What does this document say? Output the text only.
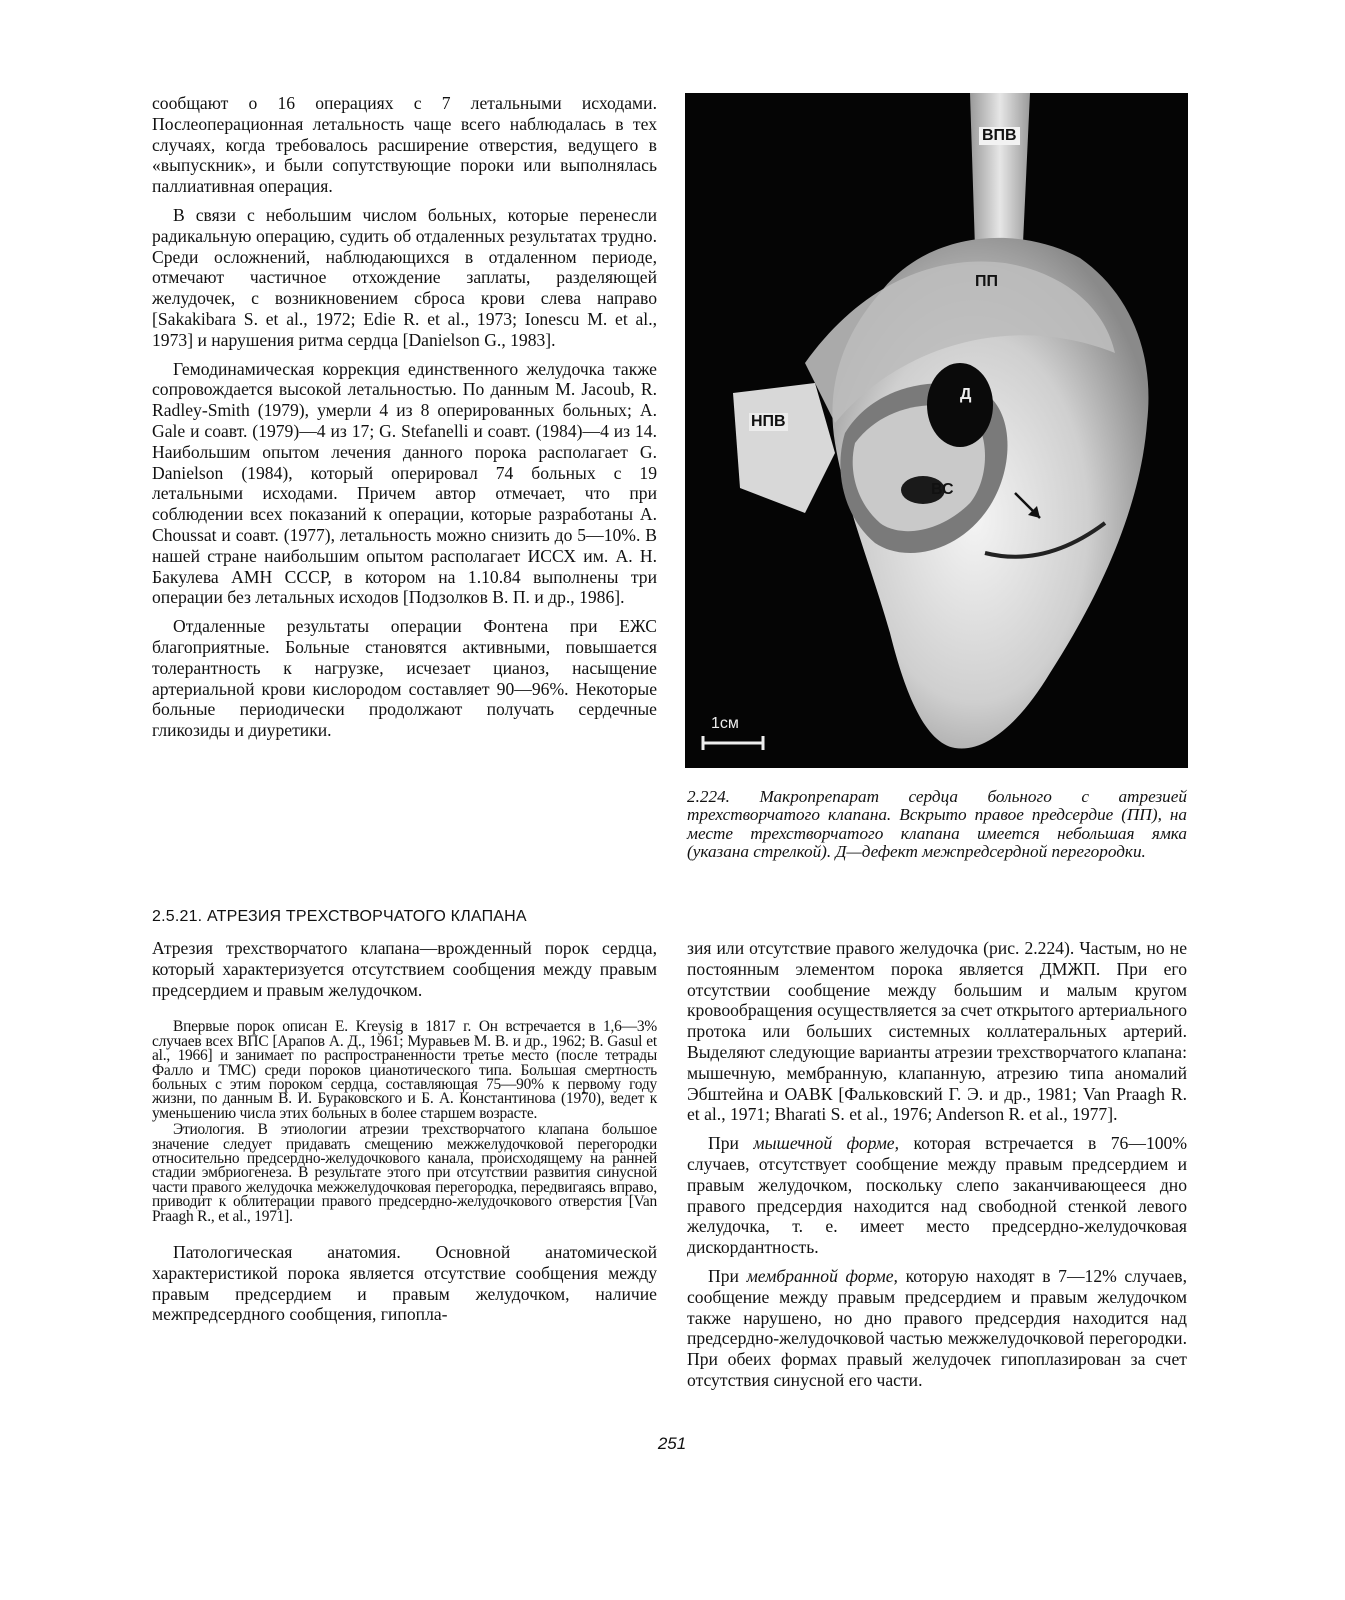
сообщают о 16 операциях с 7 летальными исходами. Послеоперационная летальность чаще всего наблюдалась в тех случаях, когда требовалось расширение отверстия, ведущего в «выпускник», и были сопутствующие пороки или выполнялась паллиативная операция.

В связи с небольшим числом больных, которые перенесли радикальную операцию, судить об отдаленных результатах трудно. Среди осложнений, наблюдающихся в отдаленном периоде, отмечают частичное отхождение заплаты, разделяющей желудочек, с возникновением сброса крови слева направо [Sakakibara S. et al., 1972; Edie R. et al., 1973; Ionescu M. et al., 1973] и нарушения ритма сердца [Danielson G., 1983].

Гемодинамическая коррекция единственного желудочка также сопровождается высокой летальностью. По данным M. Jacoub, R. Radley-Smith (1979), умерли 4 из 8 оперированных больных; A. Gale и соавт. (1979)—4 из 17; G. Stefanelli и соавт. (1984)—4 из 14. Наибольшим опытом лечения данного порока располагает G. Danielson (1984), который оперировал 74 больных с 19 летальными исходами. Причем автор отмечает, что при соблюдении всех показаний к операции, которые разработаны A. Choussat и соавт. (1977), летальность можно снизить до 5—10%. В нашей стране наибольшим опытом располагает ИССХ им. А. Н. Бакулева АМН СССР, в котором на 1.10.84 выполнены три операции без летальных исходов [Подзолков В. П. и др., 1986].

Отдаленные результаты операции Фонтена при ЕЖС благоприятные. Больные становятся активными, повышается толерантность к нагрузке, исчезает цианоз, насыщение артериальной крови кислородом составляет 90—96%. Некоторые больные периодически продолжают получать сердечные гликозиды и диуретики.

ВПВ
ПП
НПВ
Д
ВС
1см

2.224. Макропрепарат сердца больного с атрезией трехстворчатого клапана. Вскрыто правое предсердие (ПП), на месте трехстворчатого клапана имеется небольшая ямка (указана стрелкой). Д—дефект межпредсердной перегородки.

2.5.21. АТРЕЗИЯ ТРЕХСТВОРЧАТОГО КЛАПАНА

Атрезия трехстворчатого клапана—врожденный порок сердца, который характеризуется отсутствием сообщения между правым предсердием и правым желудочком.

Впервые порок описан E. Kreysig в 1817 г. Он встречается в 1,6—3% случаев всех ВПС [Арапов А. Д., 1961; Муравьев М. В. и др., 1962; B. Gasul et al., 1966] и занимает по распространенности третье место (после тетрады Фалло и ТМС) среди пороков цианотического типа. Большая смертность больных с этим пороком сердца, составляющая 75—90% к первому году жизни, по данным В. И. Бураковского и Б. А. Константинова (1970), ведет к уменьшению числа этих больных в более старшем возрасте.

Этиология. В этиологии атрезии трехстворчатого клапана большое значение следует придавать смещению межжелудочковой перегородки относительно предсердно-желудочкового канала, происходящему на ранней стадии эмбриогенеза. В результате этого при отсутствии развития синусной части правого желудочка межжелудочковая перегородка, передвигаясь вправо, приводит к облитерации правого предсердно-желудочкового отверстия [Van Praagh R., et al., 1971].

Патологическая анатомия. Основной анатомической характеристикой порока является отсутствие сообщения между правым предсердием и правым желудочком, наличие межпредсердного сообщения, гипопла-

зия или отсутствие правого желудочка (рис. 2.224). Частым, но не постоянным элементом порока является ДМЖП. При его отсутствии сообщение между большим и малым кругом кровообращения осуществляется за счет открытого артериального протока или больших системных коллатеральных артерий. Выделяют следующие варианты атрезии трехстворчатого клапана: мышечную, мембранную, клапанную, атрезию типа аномалий Эбштейна и ОАВК [Фальковский Г. Э. и др., 1981; Van Praagh R. et al., 1971; Bharati S. et al., 1976; Anderson R. et al., 1977].

При мышечной форме, которая встречается в 76—100% случаев, отсутствует сообщение между правым предсердием и правым желудочком, поскольку слепо заканчивающееся дно правого предсердия находится над свободной стенкой левого желудочка, т. е. имеет место предсердно-желудочковая дискордантность.

При мембранной форме, которую находят в 7—12% случаев, сообщение между правым предсердием и правым желудочком также нарушено, но дно правого предсердия находится над предсердно-желудочковой частью межжелудочковой перегородки. При обеих формах правый желудочек гипоплазирован за счет отсутствия синусной его части.

251
